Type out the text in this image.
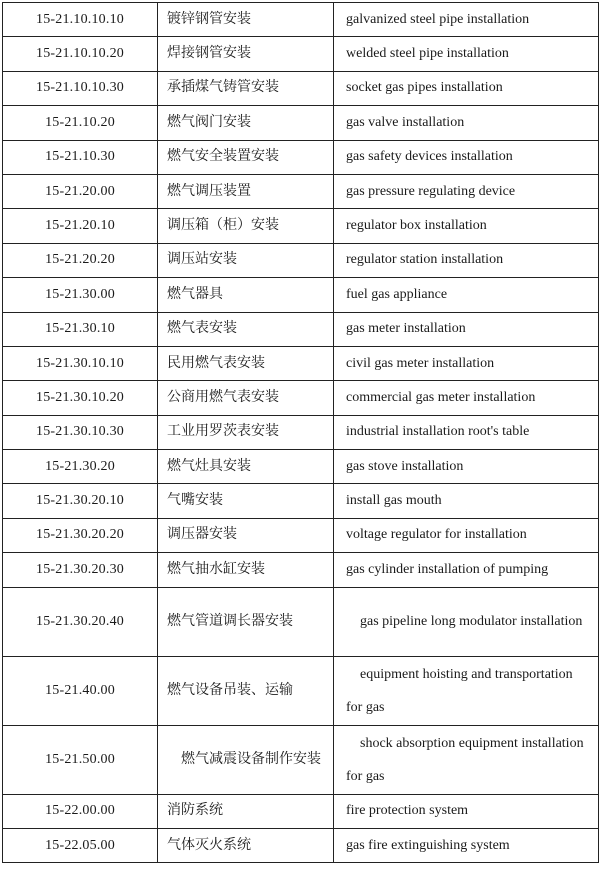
15-21.10.10.10	镀锌钢管安装	galvanized steel pipe installation
15-21.10.10.20	焊接钢管安装	welded steel pipe installation
15-21.10.10.30	承插煤气铸管安装	socket gas pipes installation
15-21.10.20	燃气阀门安装	gas valve installation
15-21.10.30	燃气安全装置安装	gas safety devices installation
15-21.20.00	燃气调压装置	gas pressure regulating device
15-21.20.10	调压箱（柜）安装	regulator box installation
15-21.20.20	调压站安装	regulator station installation
15-21.30.00	燃气器具	fuel gas appliance
15-21.30.10	燃气表安装	gas meter installation
15-21.30.10.10	民用燃气表安装	civil gas meter installation
15-21.30.10.20	公商用燃气表安装	commercial gas meter installation
15-21.30.10.30	工业用罗茨表安装	industrial installation root's table
15-21.30.20	燃气灶具安装	gas stove installation
15-21.30.20.10	气嘴安装	install gas mouth
15-21.30.20.20	调压器安装	voltage regulator for installation
15-21.30.20.30	燃气抽水缸安装	gas cylinder installation of pumping
15-21.30.20.40	燃气管道调长器安装	gas pipeline long modulator installation
15-21.40.00	燃气设备吊装、运输	equipment hoisting and transportation for gas
15-21.50.00	燃气减震设备制作安装	shock absorption equipment installation for gas
15-22.00.00	消防系统	fire protection system
15-22.05.00	气体灭火系统	gas fire extinguishing system
